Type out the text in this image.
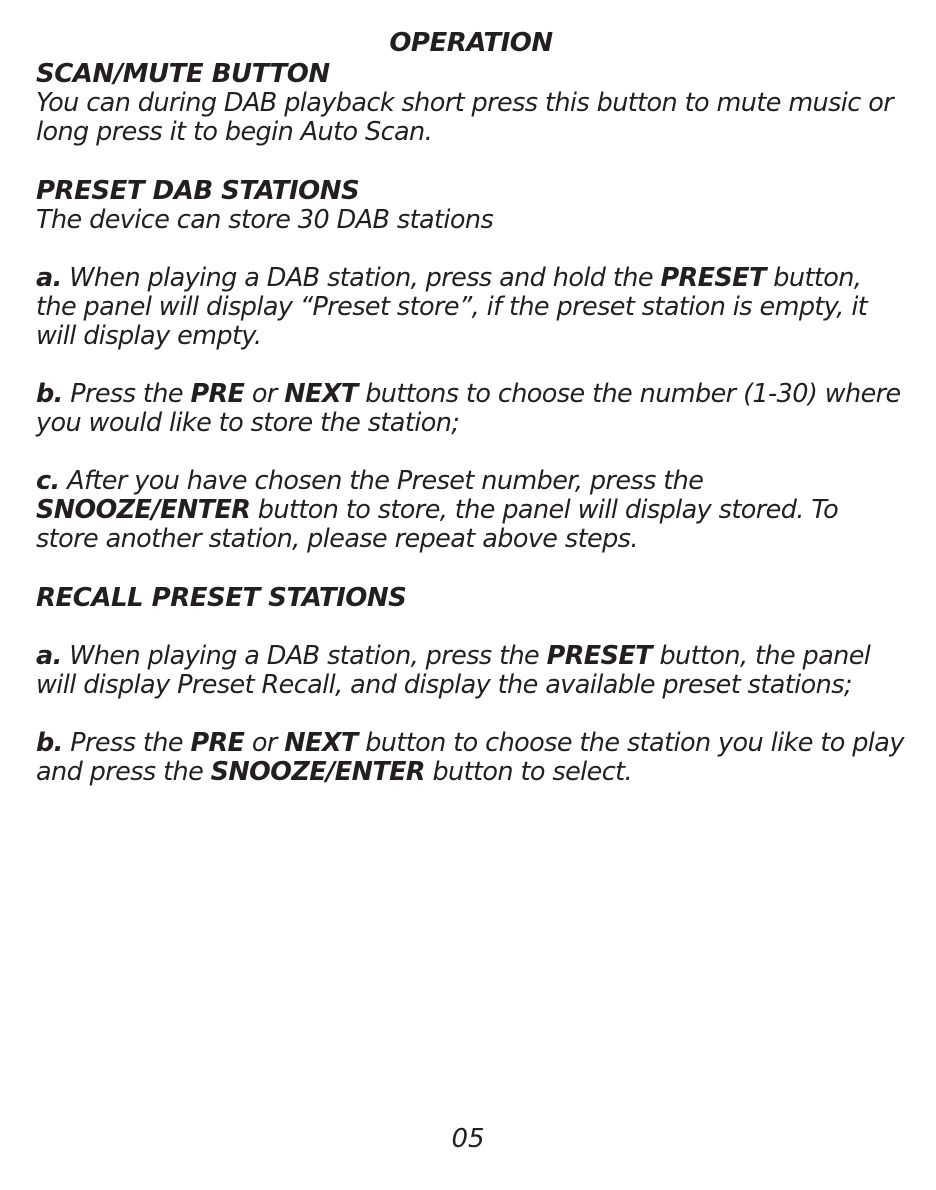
OPERATION
SCAN/MUTE BUTTON

You can during DAB playback short press this button to mute music or long press it to begin Auto Scan.

PRESET DAB STATIONS

The device can store 30 DAB stations

a. When playing a DAB station, press and hold the PRESET button, the panel will display “Preset store”, if the preset station is empty, it will display empty.

b. Press the PRE or NEXT buttons to choose the number (1-30) where you would like to store the station;

c. After you have chosen the Preset number, press the SNOOZE/ENTER button to store, the panel will display stored. To store another station, please repeat above steps.

RECALL PRESET STATIONS

a. When playing a DAB station, press the PRESET button, the panel will display Preset Recall, and display the available preset stations;

b. Press the PRE or NEXT button to choose the station you like to play and press the SNOOZE/ENTER button to select.

05
